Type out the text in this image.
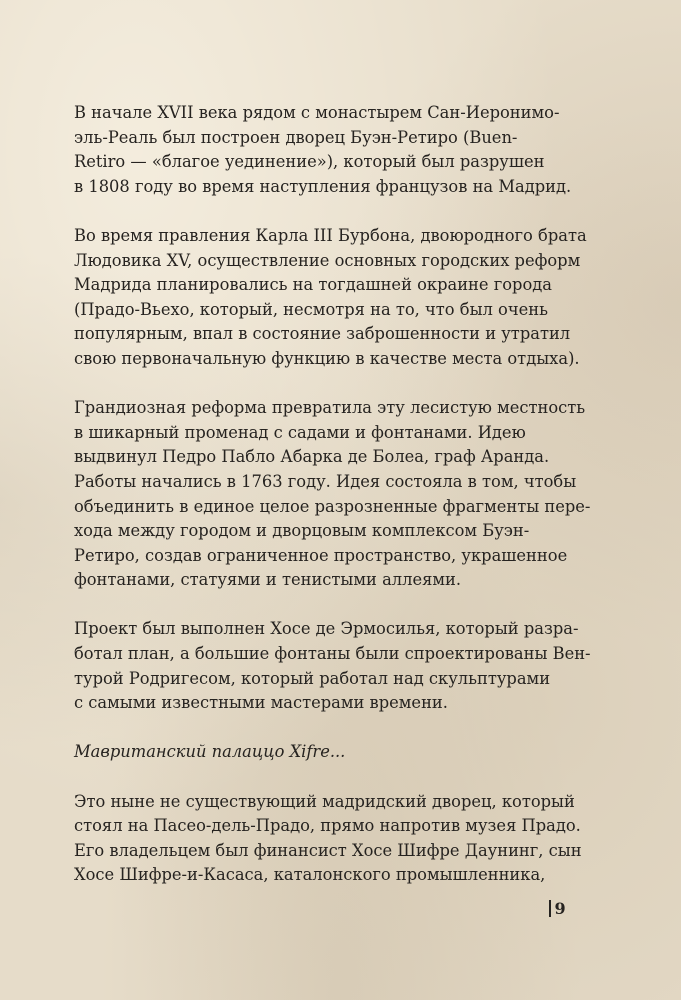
В начале XVII века рядом с монастырем Сан-Иеронимо-
эль-Реаль был построен дворец Буэн-Ретиро (Buen-
Retiro — «благое уединение»), который был разрушен
в 1808 году во время наступления французов на Мадрид.

Во время правления Карла III Бурбона, двоюродного брата
Людовика XV, осуществление основных городских реформ
Мадрида планировались на тогдашней окраине города
(Прадо-Вьехо, который, несмотря на то, что был очень
популярным, впал в состояние заброшенности и утратил
свою первоначальную функцию в качестве места отдыха).

Грандиозная реформа превратила эту лесистую местность
в шикарный променад с садами и фонтанами. Идею
выдвинул Педро Пабло Абарка де Болеа, граф Аранда.
Работы начались в 1763 году. Идея состояла в том, чтобы
объединить в единое целое разрозненные фрагменты пере-
хода между городом и дворцовым комплексом Буэн-
Ретиро, создав ограниченное пространство, украшенное
фонтанами, статуями и тенистыми аллеями.

Проект был выполнен Хосе де Эрмосилья, который разра-
ботал план, а большие фонтаны были спроектированы Вен-
турой Родригесом, который работал над скульптурами
с самыми известными мастерами времени.

Мавританский палаццо Xifre...

Это ныне не существующий мадридский дворец, который
стоял на Пасео-дель-Прадо, прямо напротив музея Прадо.
Его владельцем был финансист Хосе Шифре Даунинг, сын
Хосе Шифре-и-Касаса, каталонского промышленника,

9
